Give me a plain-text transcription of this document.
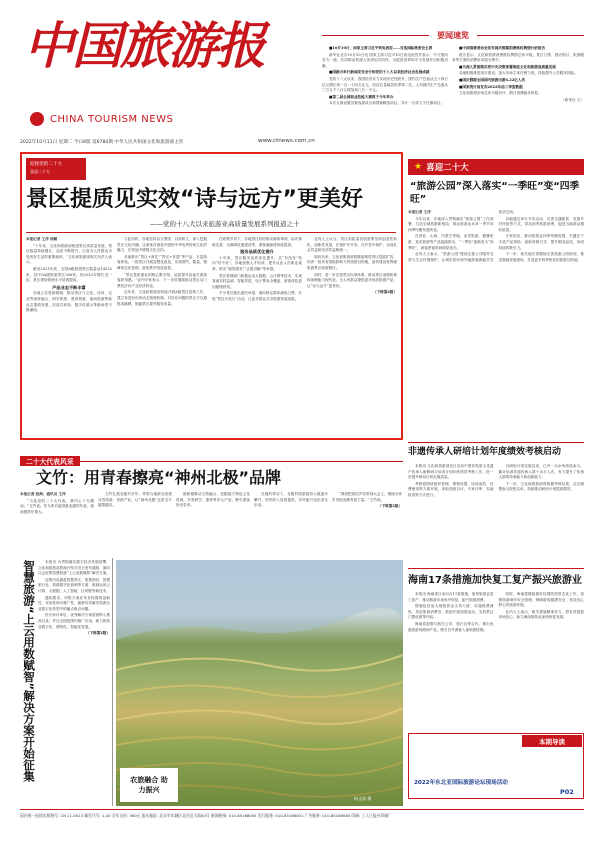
中国旅游报
CHINA TOURISM NEWS
2022年10月11日 星期二 今日8版 第6784期 中华人民共和国文化和旅游部主管	www.ctnews.com.cn
要闻速览

■10月10日，国家主席习近平致电祝贺……当选国际奥委会主席

新华社北京10月10日电 国家主席习近平10日致电祝贺并表示，中方愿同各方一道，共同推动构建人类命运共同体，为促进世界和平与发展作出积极贡献。

■国新办举行新闻发布会介绍党的十八大以来经济社会发展成就

党的十八大以来，我国经济实力实现历史性跃升，国内生产总值从五十四万亿元增长到一百一十四万亿元，经济总量稳居世界第二位，人均国内生产总值从三万九千八百元增加到八万一千元。

■第二届全国职业技能大赛将于今年举办

本次大赛设置世赛选拔项目和国赛精选项目，共计一百零九个比赛项目。

■中国消费者协会发布国庆假期消费维权舆情分析报告

报告显示，文化和旅游消费维权舆情总体平稳，景区门票、酒店预订、旅游服务等方面的消费诉求较为集中。

■为深入贯彻落实党中央决策部署推进文化和旅游高质量发展

各地积极推进项目建设，加大市场主体纾困力度，持续提升公共服务效能。

■国庆假期全国国内旅游出游4.22亿人次

■国家统计局发布2022年前三季度数据

文化和旅游市场总体平稳有序，假日消费稳步恢复。

（新华社 文）

迎接党的二十大
喜迎二十大
景区提质见实效“诗与远方”更美好
——党的十八大以来旅游业高质量发展系列报道之十

本报记者 王洋 杨颖

“十年来，文化和旅游部推进景区高质量发展，景区数量持续增长，品质不断提升，已成为人民群众享受美好生活的重要载体。”文化和旅游部相关负责人表示。

截至2021年底，全国A级旅游景区数量达14332家，其中5A级旅游景区306家，较2012年增长近一倍，景区建设管理水平显著提高。

产品业态不断丰富

各地立足资源禀赋，推动景区与文化、体育、农业等深度融合，研学旅游、康养旅游、夜间旅游等新业态蓬勃发展，沉浸式体验、数字化展示等新场景不断涌现。

与此同时，各地坚持以文塑旅、以旅彰文，深入挖掘景区文化内涵，让游客在游览中感悟中华优秀传统文化的魅力，在旅途中增强文化自信。

多地推出“景区+演艺”“景区+非遗”等产品，丰富游客体验。一批景区开展智慧化改造，实现预约、限量、错峰常态化管理，游览秩序明显改善。

“景区是旅游业的核心吸引物，品质提升直接关系游客获得感。”业内专家表示，下一步应继续推动景区从门票经济向产业经济转变。

近年来，文化和旅游部持续开展A级景区复核工作，建立有进有出的动态管理机制，对存在问题的景区予以通报或摘牌，倒逼景区提升服务质量。

在政策引导下，各地景区纷纷推动厕所革命、标识系统完善、无障碍设施建设等，游客满意度持续提高。

服务品质优化提升

十年来，景区服务品质优化提升，从“有没有”转向“好不好”。各地加强人才培训，提升从业人员职业素养，推出“微笑服务”“志愿讲解”等举措。

景区管理部门积极运用大数据、云计算等技术，实现客流实时监测、智能导览、电子票务全覆盖，游客体验更加便捷舒适。

不少景区推出惠民举措，面向特定群体减免门票，开展“景区开放日”活动，让更多群众共享旅游发展成果。

业内人士认为，景区高质量发展需要坚持创造性转化、创新性发展，在保护中开发、在开发中保护，实现社会效益和经济效益相统一。

面向未来，文化和旅游部将继续推进景区提质扩容，培育一批具有国际影响力的旅游目的地，加快建设世界级旅游景区和度假区。

同时，进一步完善景区标准体系，推动景区治理体系和治理能力现代化，为人民群众提供更多优质旅游产品，让“诗与远方”更美好。

（下转第2版）

★ 喜迎二十大
“旅游公园”深入落实“一季旺”变“四季旺”

本报记者 王洋

今年以来，多地深入贯彻落实“旅游公园”工作部署，打造全域旅游新格局，推动旅游业从单一季节向四季均衡发展转变。

在河北、山西、内蒙古等地，冰雪旅游、避暑旅游、赏花旅游等产品接续推出，“一季旺”逐渐变为“四季旺”，游客停留时间明显延长。

业内人士表示，“旅游公园”建设注重公共服务完善与生态环境保护，让城市居民和外地游客都能共享优质空间。

各地通过举办节庆活动、完善交通配套、发展乡村民宿等方式，带动淡季旅游消费，促进当地群众增收致富。

专家指出，推动旅游业四季均衡发展，关键在于丰富产品供给、创新营销方式、提升服务品质，形成持续的吸引力。

下一步，相关地区将继续完善旅游公园规划，推进基础设施建设，打造更多四季皆宜的旅游目的地。

非遗传承人研培计划年度绩效考核启动

本报讯 文化和旅游部近日启动中国非物质文化遗产传承人研修研习培训计划年度绩效考核工作，进一步提升研培计划实施质量。

考核将围绕组织管理、课程设置、培训成效、经费使用等方面开展，采取高校自评、专家评审、实地检查等方式进行。

自研培计划实施以来，已有一百余所高校参与，累计培训非遗传承人群十余万人次，有力提升了传承人群的传承能力和创新能力。

下一步，文化和旅游部将根据考核结果，动态调整参与院校名单，持续推动研培计划提质增效。

海南17条措施加快复工复产振兴旅游业

本报讯 海南省日前出台17条措施，加快旅游业复工复产，推动旅游市场有序恢复，振兴旅游消费。

措施包括加大财政资金支持力度、实施税费减免、发放旅游消费券、鼓励开展团建活动、支持景区门票优惠等内容。

海南将加强与航空公司、旅行社等合作，推出优惠旅游线路和产品，吸引岛外游客入琼旅游度假。

同时，海南将继续做好疫情防控常态化工作，加强旅游场所安全管理，保障游客健康安全，营造放心舒心的旅游环境。

业内人士表示，相关措施精准有力，将有效提振市场信心，助力海南旅游业加快恢复发展。

本期导读
2022年东北亚国际旅游论坛现场活动
P02
二十大代表风采
文竹：用青春擦亮“神州北极”品牌
智慧旅游“上云用数赋智”解决方案开始征集	本报讯 为贯彻落实数字经济发展部署，文化和旅游部资源开发司近日发布通知，面向社会征集智慧旅游“上云用数赋智”解决方案。

征集内容涵盖智慧景区、智慧酒店、智慧旅行社、旅游数字化营销等方面，鼓励运用云计算、大数据、人工智能、区块链等新技术。

通知要求，申报方案应具有较强的创新性、实用性和可推广性，能够有效解决旅游企业数字化转型中的痛点难点问题。

经专家评审后，优秀解决方案将被纳入推荐目录，并在全国范围内推广应用，助力旅游业数字化、网络化、智能化发展。

（下转第2版）

本报记者 赵海、通讯员 王洋

“当选党的二十大代表，我内心十分激动。”文竹说。作为来自祖国最北端的代表，她深感责任重大。

文竹扎根北极村多年，带领当地群众发展冰雪旅游、民宿产业，让“神州北极”这张名片越擦越亮。

她积极推动文旅融合，挖掘地方特色文化资源，开发研学、康养等多元产品，吸引游客纷至沓来。

在她的带动下，北极村旅游接待人数逐年攀升，村民收入显著提高，乡村振兴迈出坚实步伐。

“我将把基层声音带到大会上，继续为家乡发展贡献青春力量。”文竹说。

（下转第2版）

农旅融合 助力振兴
杨文涛 摄
国内统一连续出版物号: CN 11-0013 邮发代号: 1-40 全年定价: 360元 报社地址: 北京市东城区北河沿大街83号 新闻热线: 010-85168005 发行服务: 010-85168001 广告服务: 010-85168080 印刷: 工人日报社印刷厂
